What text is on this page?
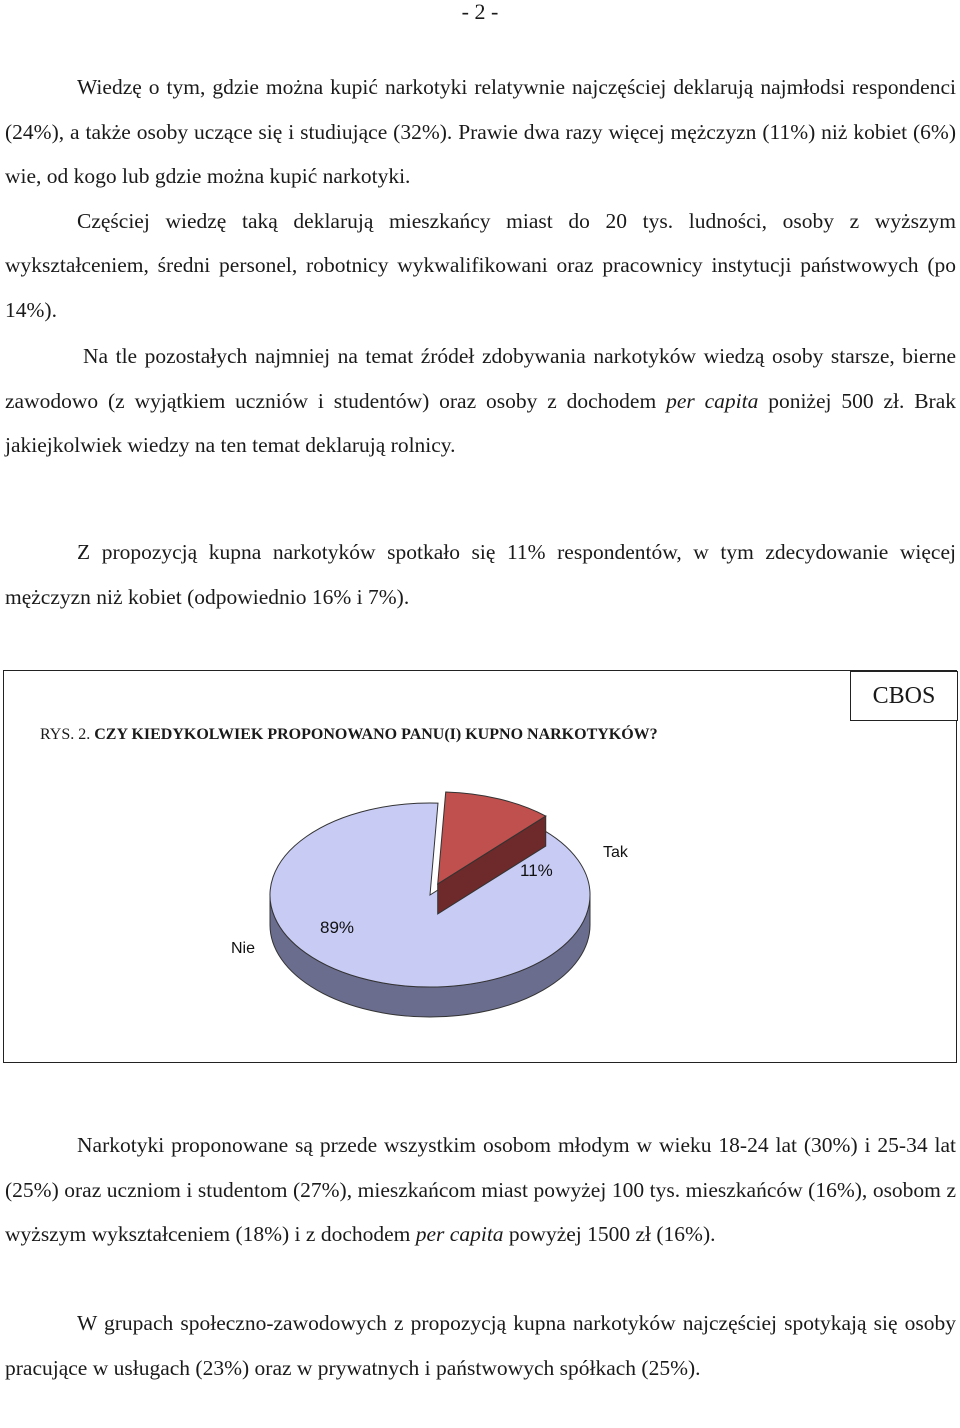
- 2 -

Wiedzę o tym, gdzie można kupić narkotyki relatywnie najczęściej deklarują najmłodsi respondenci (24%), a także osoby uczące się i studiujące (32%). Prawie dwa razy więcej mężczyzn (11%) niż kobiet (6%) wie, od kogo lub gdzie można kupić narkotyki.
Częściej wiedzę taką deklarują mieszkańcy miast do 20 tys. ludności, osoby z wyższym wykształceniem, średni personel, robotnicy wykwalifikowani oraz pracownicy instytucji państwowych (po 14%).

Na tle pozostałych najmniej na temat źródeł zdobywania narkotyków wiedzą osoby starsze, bierne zawodowo (z wyjątkiem uczniów i studentów) oraz osoby z dochodem per capita poniżej 500 zł. Brak jakiejkolwiek wiedzy na ten temat deklarują rolnicy.

Z propozycją kupna narkotyków spotkało się 11% respondentów, w tym zdecydowanie więcej mężczyzn niż kobiet (odpowiednio 16% i 7%).

CBOS
RYS. 2. CZY KIEDYKOLWIEK PROPONOWANO PANU(I) KUPNO NARKOTYKÓW?
11%
89%
Tak
Nie

Narkotyki proponowane są przede wszystkim osobom młodym w wieku 18-24 lat (30%) i 25-34 lat (25%) oraz uczniom i studentom (27%), mieszkańcom miast powyżej 100 tys. mieszkańców (16%), osobom z wyższym wykształceniem (18%) i z dochodem per capita powyżej 1500 zł (16%).

W grupach społeczno-zawodowych z propozycją kupna narkotyków najczęściej spotykają się osoby pracujące w usługach (23%) oraz w prywatnych i państwowych spółkach (25%).
